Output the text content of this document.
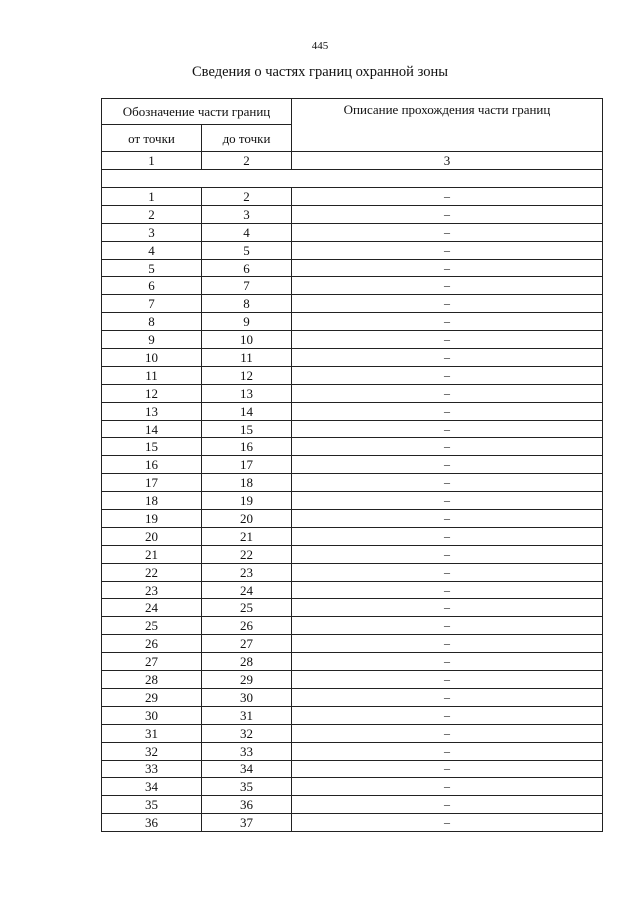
445
Сведения о частях границ охранной зоны
Обозначение части границ		Описание прохождения части границ
от точки	до точки	
1	2	3

1	2	–
2	3	–
3	4	–
4	5	–
5	6	–
6	7	–
7	8	–
8	9	–
9	10	–
10	11	–
11	12	–
12	13	–
13	14	–
14	15	–
15	16	–
16	17	–
17	18	–
18	19	–
19	20	–
20	21	–
21	22	–
22	23	–
23	24	–
24	25	–
25	26	–
26	27	–
27	28	–
28	29	–
29	30	–
30	31	–
31	32	–
32	33	–
33	34	–
34	35	–
35	36	–
36	37	–
